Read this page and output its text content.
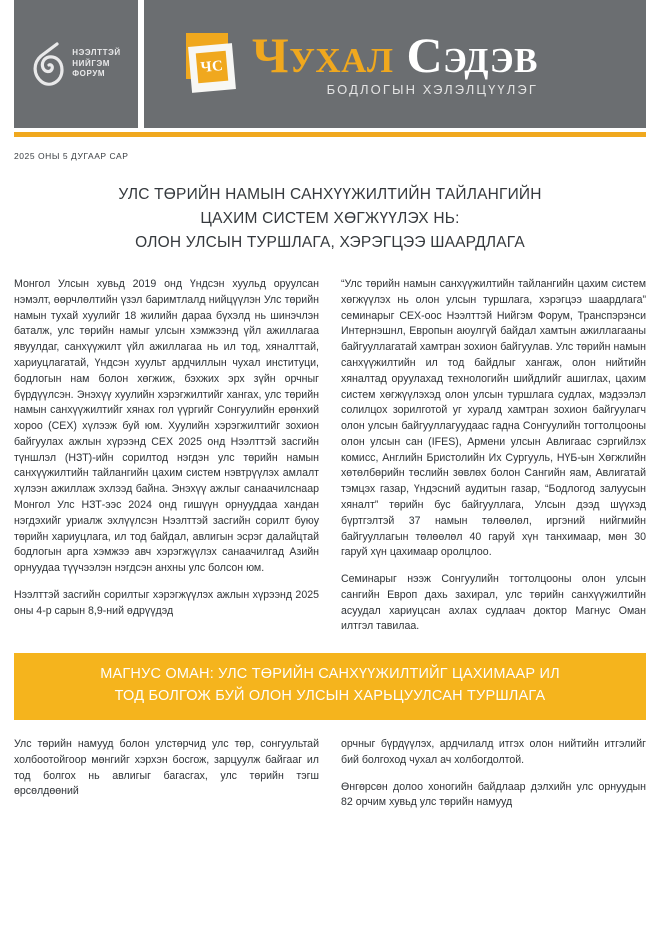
НЭЭЛТТЭЙ
НИЙГЭМ
ФОРУМ	ЧС Чухал Сэдэв
БОДЛОГЫН ХЭЛЭЛЦҮҮЛЭГ
2025 ОНЫ 5 ДУГААР САР
УЛС ТӨРИЙН НАМЫН САНХҮҮЖИЛТИЙН ТАЙЛАНГИЙН
ЦАХИМ СИСТЕМ ХӨГЖҮҮЛЭХ НЬ:
ОЛОН УЛСЫН ТУРШЛАГА, ХЭРЭГЦЭЭ ШААРДЛАГА

Монгол Улсын хувьд 2019 онд Үндсэн хуульд оруулсан нэмэлт, өөрчлөлтийн үзэл баримтлалд нийцүүлэн Улс төрийн намын тухай хуулийг 18 жилийн дараа бүхэлд нь шинэчлэн баталж, улс төрийн намыг улсын хэмжээнд үйл ажиллагаа явуулдаг, санхүүжилт үйл ажиллагаа нь ил тод, хяналттай, хариуцлагатай, Үндсэн хуульт ардчиллын чухал институци, бодлогын нам болон хөгжиж, бэхжих эрх зүйн орчныг бүрдүүлсэн. Энэхүү хуулийн хэрэгжилтийг хангах, улс төрийн намын санхүүжилтийг хянах гол үүргийг Сонгуулийн ерөнхий хороо (СЕХ) хүлээж буй юм. Хуулийн хэрэгжилтийг зохион байгуулах ажлын хүрээнд СЕХ 2025 онд Нээлттэй засгийн түншлэл (НЗТ)-ийн сорилтод нэгдэн улс төрийн намын санхүүжилтийн тайлангийн цахим систем нэвтрүүлэх амлалт хүлээн ажиллаж эхлээд байна. Энэхүү ажлыг санаачилснаар Монгол Улс НЗТ-ээс 2024 онд гишүүн орнууддаа хандан нэгдэхийг уриалж эхлүүлсэн Нээлттэй засгийн сорилт буюу төрийн хариуцлага, ил тод байдал, авлигын эсрэг далайцтай бодлогын арга хэмжээ авч хэрэгжүүлэх санаачилгад Азийн орнуудаа түүчээлэн нэгдсэн анхны улс болсон юм.

Нээлттэй засгийн сорилтыг хэрэгжүүлэх ажлын хүрээнд 2025 оны 4-р сарын 8,9-ний өдрүүдэд

“Улс төрийн намын санхүүжилтийн тайлангийн цахим систем хөгжүүлэх нь олон улсын туршлага, хэрэгцээ шаардлага” семинарыг СЕХ-оос Нээлттэй Нийгэм Форум, Транспэрэнси Интернэшнл, Европын аюулгүй байдал хамтын ажиллагааны байгууллагатай хамтран зохион байгуулав. Улс төрийн намын санхүүжилтийн ил тод байдлыг хангаж, олон нийтийн хяналтад оруулахад технологийн шийдлийг ашиглах, цахим систем хөгжүүлэхэд олон улсын туршлага судлах, мэдээлэл солилцох зорилготой уг хуралд хамтран зохион байгуулагч олон улсын байгууллагуудаас гадна Сонгуулийн тогтолцооны олон улсын сан (IFES), Армени улсын Авлигаас сэргийлэх комисс, Английн Бристолийн Их Сургууль, НҮБ-ын Хөгжлийн хөтөлбөрийн төслийн зөвлөх болон Сангийн яам, Авлигатай тэмцэх газар, Үндэсний аудитын газар, “Бодлогод залуусын хяналт” төрийн бус байгууллага, Улсын дээд шүүхэд бүртгэлтэй 37 намын төлөөлөл, иргэний нийгмийн байгууллагын төлөөлөл 40 гаруй хүн танхимаар, мөн 30 гаруй хүн цахимаар оролцлоо.

Семинарыг нээж Сонгуулийн тогтолцооны олон улсын сангийн Европ дахь захирал, улс төрийн санхүүжилтийн асуудал хариуцсан ахлах судлаач доктор Магнус Оман илтгэл тавилаа.

МАГНУС ОМАН: УЛС ТӨРИЙН САНХҮҮЖИЛТИЙГ ЦАХИМААР ИЛ
ТОД БОЛГОЖ БУЙ ОЛОН УЛСЫН ХАРЬЦУУЛСАН ТУРШЛАГА

Улс төрийн намууд болон улстөрчид улс төр, сонгуультай холбоотойгоор мөнгийг хэрхэн босгож, зарцуулж байгааг ил тод болгох нь авлигыг багасгах, улс төрийн тэгш өрсөлдөөний

орчныг бүрдүүлэх, ардчилалд итгэх олон нийтийн итгэлийг бий болгоход чухал ач холбогдолтой.

Өнгөрсөн долоо хоногийн байдлаар дэлхийн улс орнуудын 82 орчим хувьд улс төрийн намууд
